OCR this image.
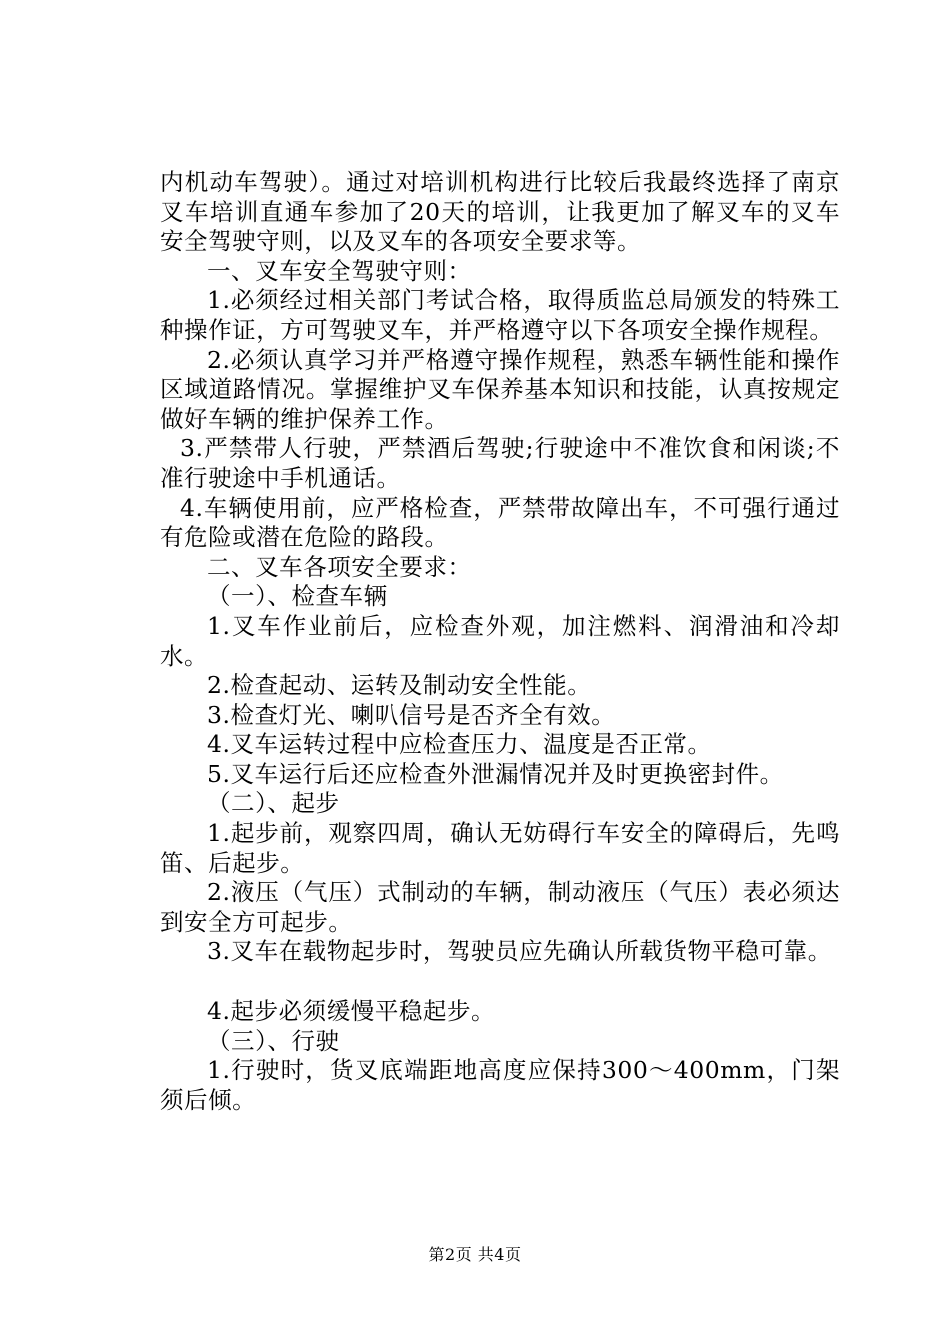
内机动车驾驶）。通过对培训机构进行比较后我最终选择了南京叉车培训直通车参加了20天的培训，让我更加了解叉车的叉车安全驾驶守则，以及叉车的各项安全要求等。

一、叉车安全驾驶守则：

1.必须经过相关部门考试合格，取得质监总局颁发的特殊工种操作证，方可驾驶叉车，并严格遵守以下各项安全操作规程。

2.必须认真学习并严格遵守操作规程，熟悉车辆性能和操作区域道路情况。掌握维护叉车保养基本知识和技能，认真按规定做好车辆的维护保养工作。

3.严禁带人行驶，严禁酒后驾驶;行驶途中不准饮食和闲谈;不准行驶途中手机通话。

4.车辆使用前，应严格检查，严禁带故障出车，不可强行通过有危险或潜在危险的路段。

二、叉车各项安全要求：

（一）、检查车辆

1.叉车作业前后，应检查外观，加注燃料、润滑油和冷却水。

2.检查起动、运转及制动安全性能。

3.检查灯光、喇叭信号是否齐全有效。

4.叉车运转过程中应检查压力、温度是否正常。

5.叉车运行后还应检查外泄漏情况并及时更换密封件。

（二）、起步

1.起步前，观察四周，确认无妨碍行车安全的障碍后，先鸣笛、后起步。

2.液压（气压）式制动的车辆，制动液压（气压）表必须达到安全方可起步。

3.叉车在载物起步时，驾驶员应先确认所载货物平稳可靠。

4.起步必须缓慢平稳起步。

（三）、行驶

1.行驶时，货叉底端距地高度应保持300～400mm，门架须后倾。

第2页 共4页
